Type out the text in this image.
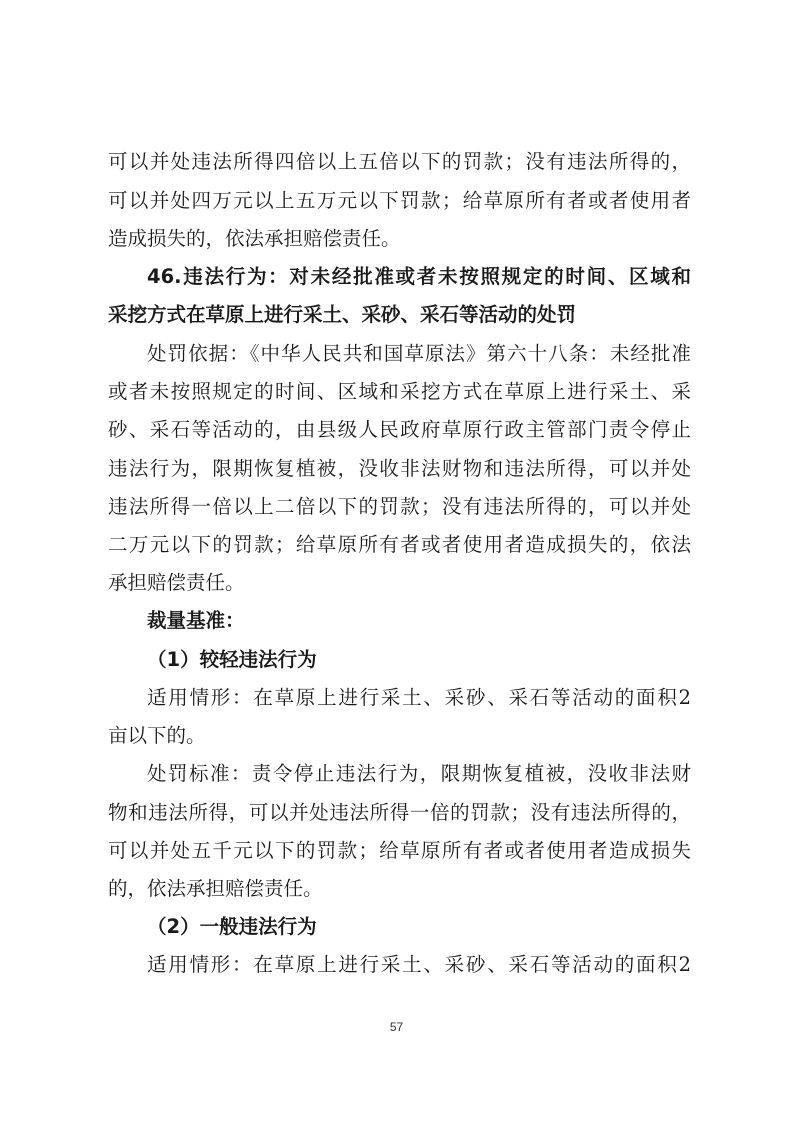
可以并处违法所得四倍以上五倍以下的罚款；没有违法所得的，
可以并处四万元以上五万元以下罚款；给草原所有者或者使用者
造成损失的，依法承担赔偿责任。
46.违法行为：对未经批准或者未按照规定的时间、区域和
采挖方式在草原上进行采土、采砂、采石等活动的处罚
处罚依据：《中华人民共和国草原法》第六十八条：未经批准
或者未按照规定的时间、区域和采挖方式在草原上进行采土、采
砂、采石等活动的，由县级人民政府草原行政主管部门责令停止
违法行为，限期恢复植被，没收非法财物和违法所得，可以并处
违法所得一倍以上二倍以下的罚款；没有违法所得的，可以并处
二万元以下的罚款；给草原所有者或者使用者造成损失的，依法
承担赔偿责任。
裁量基准：
（1）较轻违法行为
适用情形：在草原上进行采土、采砂、采石等活动的面积2
亩以下的。
处罚标准：责令停止违法行为，限期恢复植被，没收非法财
物和违法所得，可以并处违法所得一倍的罚款；没有违法所得的，
可以并处五千元以下的罚款；给草原所有者或者使用者造成损失
的，依法承担赔偿责任。
（2）一般违法行为
适用情形：在草原上进行采土、采砂、采石等活动的面积2
57
